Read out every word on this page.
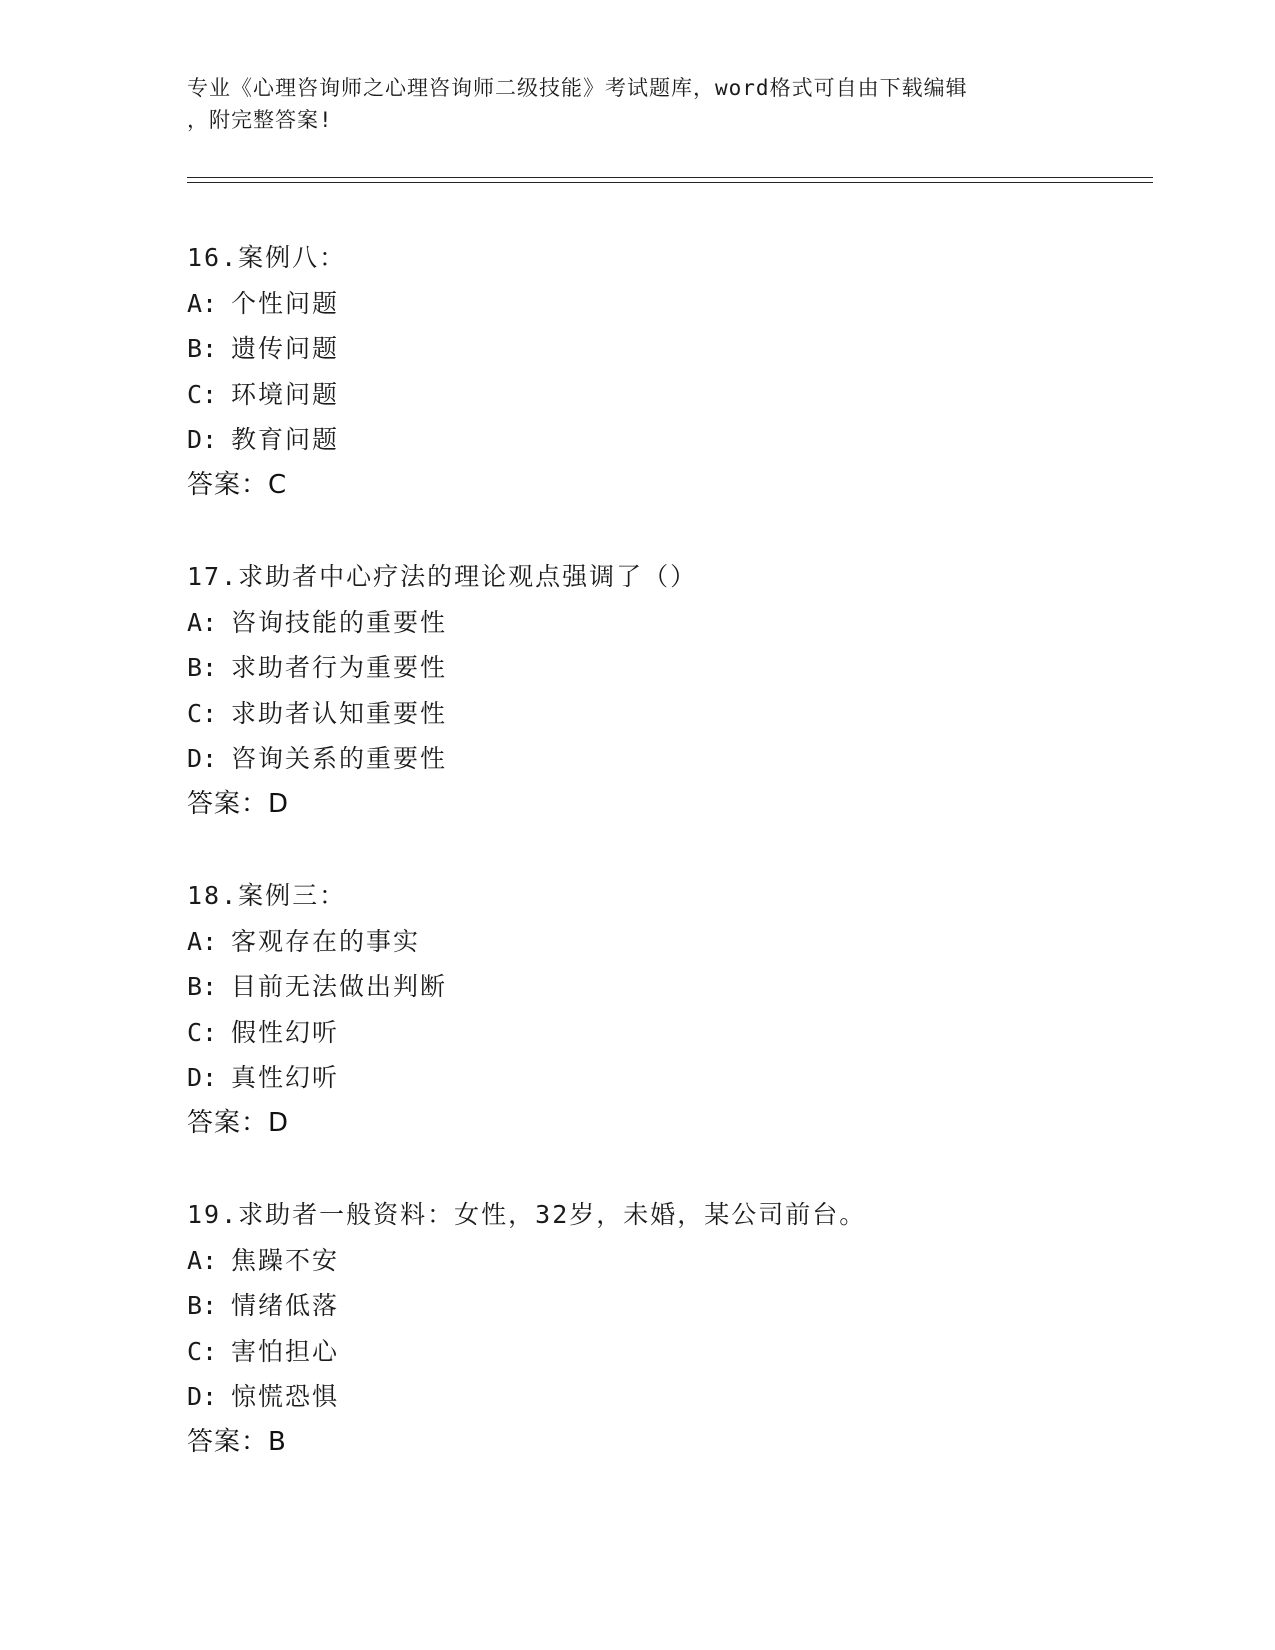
专业《心理咨询师之心理咨询师二级技能》考试题库，word格式可自由下载编辑
，附完整答案!
16.案例八：
A: 个性问题
B: 遗传问题
C: 环境问题
D: 教育问题
答案：C
17.求助者中心疗法的理论观点强调了（）
A: 咨询技能的重要性
B: 求助者行为重要性
C: 求助者认知重要性
D: 咨询关系的重要性
答案：D
18.案例三：
A: 客观存在的事实
B: 目前无法做出判断
C: 假性幻听
D: 真性幻听
答案：D
19.求助者一般资料：女性，32岁，未婚，某公司前台。
A: 焦躁不安
B: 情绪低落
C: 害怕担心
D: 惊慌恐惧
答案：B
